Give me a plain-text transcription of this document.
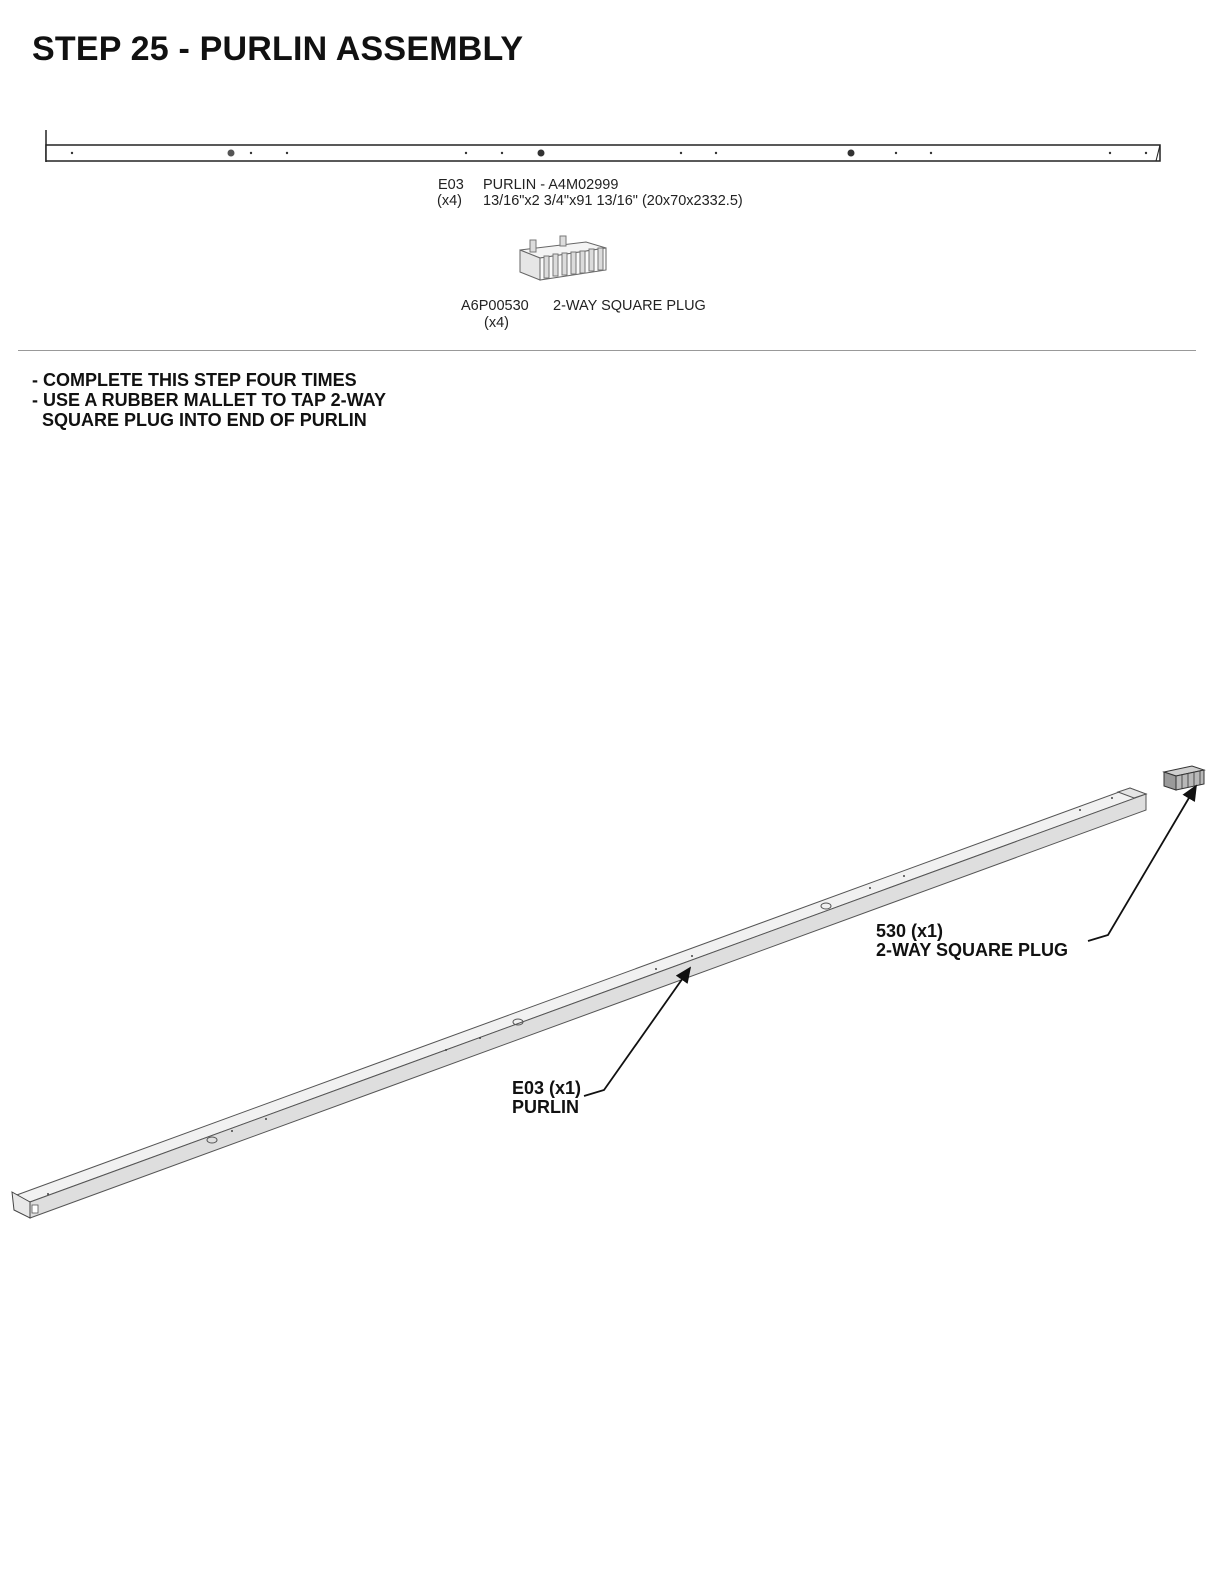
STEP 25 - PURLIN ASSEMBLY
E03
(x4)
PURLIN - A4M02999
13/16"x2 3/4"x91 13/16" (20x70x2332.5)
A6P00530
(x4)
2-WAY SQUARE PLUG
- COMPLETE THIS STEP FOUR TIMES
- USE A RUBBER MALLET TO TAP 2-WAY
SQUARE PLUG INTO END OF PURLIN
530 (x1)
2-WAY SQUARE PLUG
E03 (x1)
PURLIN
